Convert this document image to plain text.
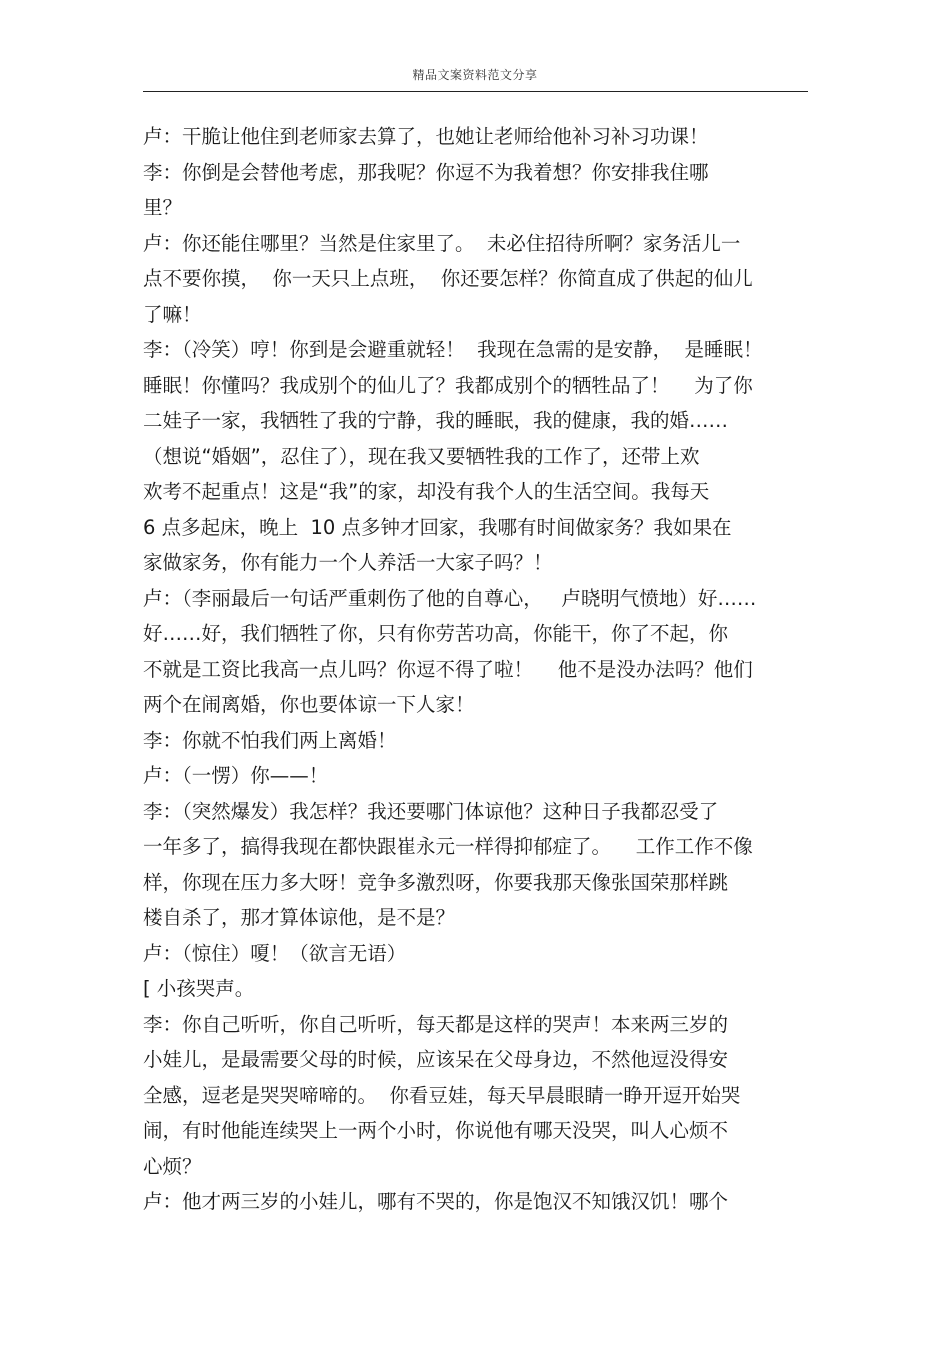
精品文案资料范文分享
卢：干脆让他住到老师家去算了，也她让老师给他补习补习功课！
李：你倒是会替他考虑，那我呢？你逗不为我着想？你安排我住哪
里？
卢：你还能住哪里？当然是住家里了。  未必住招待所啊？家务活儿一
点不要你摸，  你一天只上点班，  你还要怎样？你简直成了供起的仙儿
了嘛！
李：（冷笑）哼！你到是会避重就轻！  我现在急需的是安静，  是睡眠！
睡眠！你懂吗？我成别个的仙儿了？我都成别个的牺牲品了！    为了你
二娃子一家，我牺牲了我的宁静，我的睡眠，我的健康，我的婚……
（想说“婚姻”，忍住了），现在我又要牺牲我的工作了，还带上欢
欢考不起重点！这是“我”的家，却没有我个人的生活空间。我每天
6 点多起床，晚上  10 点多钟才回家，我哪有时间做家务？我如果在
家做家务，你有能力一个人养活一大家子吗？！
卢：（李丽最后一句话严重刺伤了他的自尊心，   卢晓明气愤地）好……
好……好，我们牺牲了你，只有你劳苦功高，你能干，你了不起，你
不就是工资比我高一点儿吗？你逗不得了啦！    他不是没办法吗？他们
两个在闹离婚，你也要体谅一下人家！
李：你就不怕我们两上离婚！
卢：（一愣）你——！
李：（突然爆发）我怎样？我还要哪门体谅他？这种日子我都忍受了
一年多了，搞得我现在都快跟崔永元一样得抑郁症了。    工作工作不像
样，你现在压力多大呀！竞争多激烈呀，你要我那天像张国荣那样跳
楼自杀了，那才算体谅他，是不是？
卢：（惊住）嗄！（欲言无语）
[ 小孩哭声。
李：你自己听听，你自己听听，每天都是这样的哭声！本来两三岁的
小娃儿，是最需要父母的时候，应该呆在父母身边，不然他逗没得安
全感，逗老是哭哭啼啼的。  你看豆娃，每天早晨眼睛一睁开逗开始哭
闹，有时他能连续哭上一两个小时，你说他有哪天没哭，叫人心烦不
心烦？
卢：他才两三岁的小娃儿，哪有不哭的，你是饱汉不知饿汉饥！哪个
